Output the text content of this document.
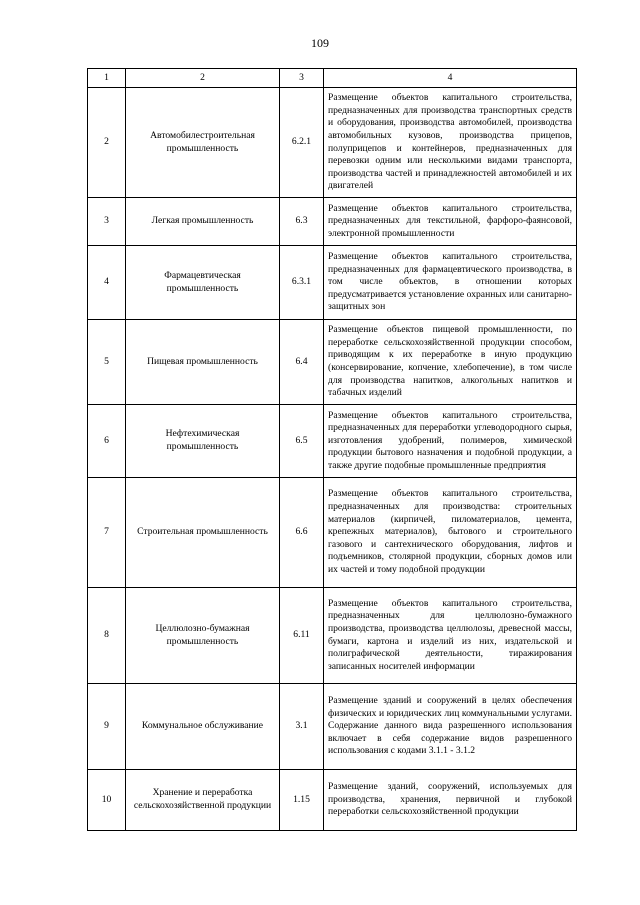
109
1	2	3	4
2	Автомобилестроительная промышленность	6.2.1	Размещение объектов капитального строительства, предназначенных для производства транспортных средств и оборудования, производства автомобилей, производства автомобильных кузовов, производства прицепов, полуприцепов и контейнеров, предназначенных для перевозки одним или несколькими видами транспорта, производства частей и принадлежностей автомобилей и их двигателей
3	Легкая промышленность	6.3	Размещение объектов капитального строительства, предназначенных для текстильной, фарфоро-фаянсовой, электронной промышленности
4	Фармацевтическая промышленность	6.3.1	Размещение объектов капитального строительства, предназначенных для фармацевтического производства, в том числе объектов, в отношении которых предусматривается установление охранных или санитарно-защитных зон
5	Пищевая промышленность	6.4	Размещение объектов пищевой промышленности, по переработке сельскохозяйственной продукции способом, приводящим к их переработке в иную продукцию (консервирование, копчение, хлебопечение), в том числе для производства напитков, алкогольных напитков и табачных изделий
6	Нефтехимическая промышленность	6.5	Размещение объектов капитального строительства, предназначенных для переработки углеводородного сырья, изготовления удобрений, полимеров, химической продукции бытового назначения и подобной продукции, а также другие подобные промышленные предприятия
7	Строительная промышленность	6.6	Размещение объектов капитального строительства, предназначенных для производства: строительных материалов (кирпичей, пиломатериалов, цемента, крепежных материалов), бытового и строительного газового и сантехнического оборудования, лифтов и подъемников, столярной продукции, сборных домов или их частей и тому подобной продукции
8	Целлюлозно-бумажная промышленность	6.11	Размещение объектов капитального строительства, предназначенных для целлюлозно-бумажного производства, производства целлюлозы, древесной массы, бумаги, картона и изделий из них, издательской и полиграфической деятельности, тиражирования записанных носителей информации
9	Коммунальное обслуживание	3.1	Размещение зданий и сооружений в целях обеспечения физических и юридических лиц коммунальными услугами. Содержание данного вида разрешенного использования включает в себя содержание видов разрешенного использования с кодами 3.1.1 - 3.1.2
10	Хранение и переработка сельскохозяйственной продукции	1.15	Размещение зданий, сооружений, используемых для производства, хранения, первичной и глубокой переработки сельскохозяйственной продукции
